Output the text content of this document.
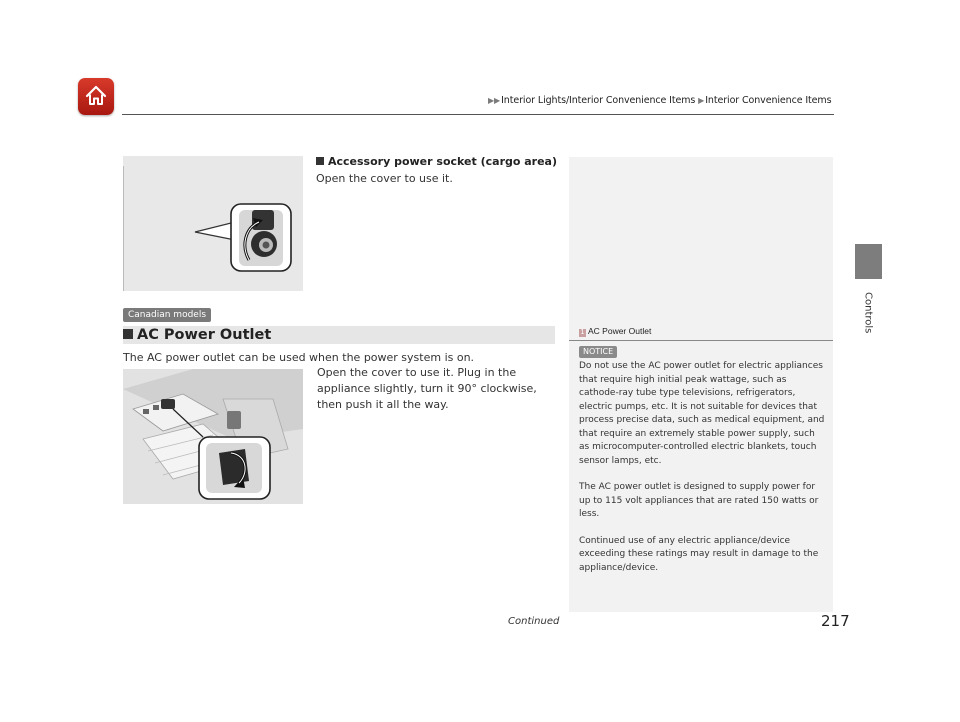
▶▶Interior Lights/Interior Convenience Items ▶Interior Convenience Items
Controls
Accessory power socket (cargo area)
Open the cover to use it.
Canadian models
AC Power Outlet
The AC power outlet can be used when the power system is on.
Open the cover to use it. Plug in the appliance slightly, turn it 90° clockwise, then push it all the way.
1 AC Power Outlet
NOTICE

Do not use the AC power outlet for electric appliances that require high initial peak wattage, such as cathode-ray tube type televisions, refrigerators, electric pumps, etc. It is not suitable for devices that process precise data, such as medical equipment, and that require an extremely stable power supply, such as microcomputer-controlled electric blankets, touch sensor lamps, etc.

The AC power outlet is designed to supply power for up to 115 volt appliances that are rated 150 watts or less.

Continued use of any electric appliance/device exceeding these ratings may result in damage to the appliance/device.

Continued	217
